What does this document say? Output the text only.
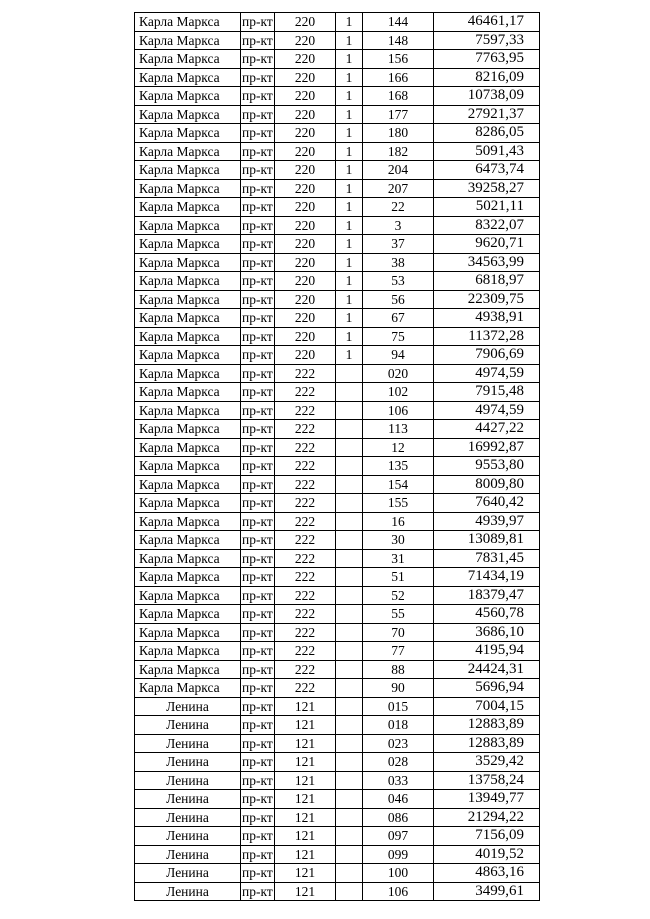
Карла Маркса	пр-кт	220	1	144	46461,17
Карла Маркса	пр-кт	220	1	148	7597,33
Карла Маркса	пр-кт	220	1	156	7763,95
Карла Маркса	пр-кт	220	1	166	8216,09
Карла Маркса	пр-кт	220	1	168	10738,09
Карла Маркса	пр-кт	220	1	177	27921,37
Карла Маркса	пр-кт	220	1	180	8286,05
Карла Маркса	пр-кт	220	1	182	5091,43
Карла Маркса	пр-кт	220	1	204	6473,74
Карла Маркса	пр-кт	220	1	207	39258,27
Карла Маркса	пр-кт	220	1	22	5021,11
Карла Маркса	пр-кт	220	1	3	8322,07
Карла Маркса	пр-кт	220	1	37	9620,71
Карла Маркса	пр-кт	220	1	38	34563,99
Карла Маркса	пр-кт	220	1	53	6818,97
Карла Маркса	пр-кт	220	1	56	22309,75
Карла Маркса	пр-кт	220	1	67	4938,91
Карла Маркса	пр-кт	220	1	75	11372,28
Карла Маркса	пр-кт	220	1	94	7906,69
Карла Маркса	пр-кт	222		020	4974,59
Карла Маркса	пр-кт	222		102	7915,48
Карла Маркса	пр-кт	222		106	4974,59
Карла Маркса	пр-кт	222		113	4427,22
Карла Маркса	пр-кт	222		12	16992,87
Карла Маркса	пр-кт	222		135	9553,80
Карла Маркса	пр-кт	222		154	8009,80
Карла Маркса	пр-кт	222		155	7640,42
Карла Маркса	пр-кт	222		16	4939,97
Карла Маркса	пр-кт	222		30	13089,81
Карла Маркса	пр-кт	222		31	7831,45
Карла Маркса	пр-кт	222		51	71434,19
Карла Маркса	пр-кт	222		52	18379,47
Карла Маркса	пр-кт	222		55	4560,78
Карла Маркса	пр-кт	222		70	3686,10
Карла Маркса	пр-кт	222		77	4195,94
Карла Маркса	пр-кт	222		88	24424,31
Карла Маркса	пр-кт	222		90	5696,94
Ленина	пр-кт	121		015	7004,15
Ленина	пр-кт	121		018	12883,89
Ленина	пр-кт	121		023	12883,89
Ленина	пр-кт	121		028	3529,42
Ленина	пр-кт	121		033	13758,24
Ленина	пр-кт	121		046	13949,77
Ленина	пр-кт	121		086	21294,22
Ленина	пр-кт	121		097	7156,09
Ленина	пр-кт	121		099	4019,52
Ленина	пр-кт	121		100	4863,16
Ленина	пр-кт	121		106	3499,61
